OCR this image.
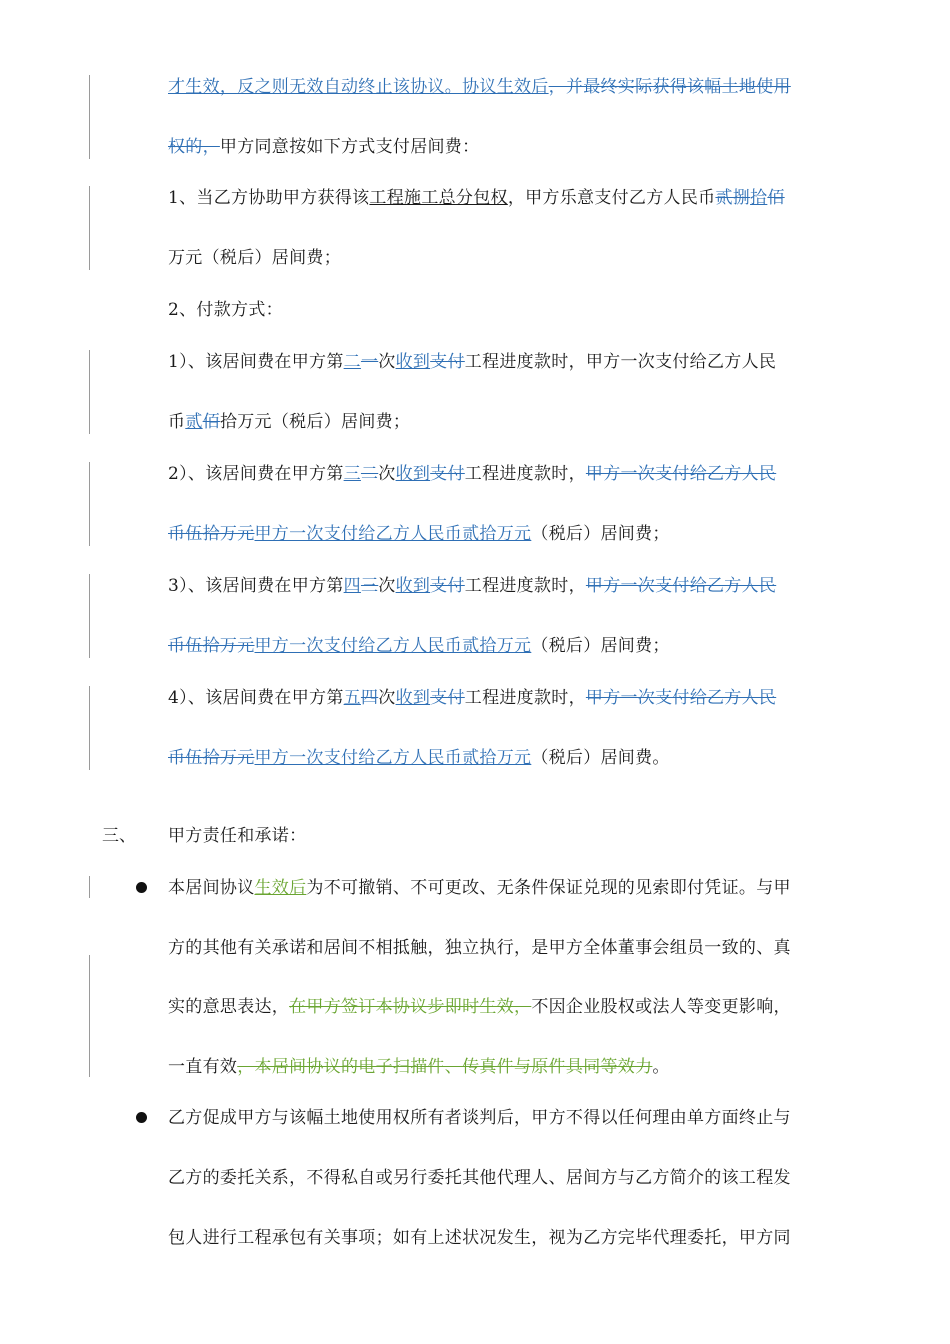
才生效，反之则无效自动终止该协议。协议生效后，并最终实际获得该幅土地使用
权的，甲方同意按如下方式支付居间费：
1、当乙方协助甲方获得该工程施工总分包权，甲方乐意支付乙方人民币贰捌拾佰
万元（税后）居间费；
2、付款方式：
1）、该居间费在甲方第二一次收到支付工程进度款时，甲方一次支付给乙方人民
币贰佰拾万元（税后）居间费；
2）、该居间费在甲方第三二次收到支付工程进度款时，甲方一次支付给乙方人民
币伍拾万元甲方一次支付给乙方人民币贰拾万元（税后）居间费；
3）、该居间费在甲方第四三次收到支付工程进度款时，甲方一次支付给乙方人民
币伍拾万元甲方一次支付给乙方人民币贰拾万元（税后）居间费；
4）、该居间费在甲方第五四次收到支付工程进度款时，甲方一次支付给乙方人民
币伍拾万元甲方一次支付给乙方人民币贰拾万元（税后）居间费。
三、 甲方责任和承诺：
本居间协议生效后为不可撤销、不可更改、无条件保证兑现的见索即付凭证。与甲
方的其他有关承诺和居间不相抵触，独立执行，是甲方全体董事会组员一致的、真
实的意思表达，在甲方签订本协议步即时生效，不因企业股权或法人等变更影响，
一直有效，本居间协议的电子扫描件、传真件与原件具同等效力。
乙方促成甲方与该幅土地使用权所有者谈判后，甲方不得以任何理由单方面终止与
乙方的委托关系，不得私自或另行委托其他代理人、居间方与乙方简介的该工程发
包人进行工程承包有关事项；如有上述状况发生，视为乙方完毕代理委托，甲方同
